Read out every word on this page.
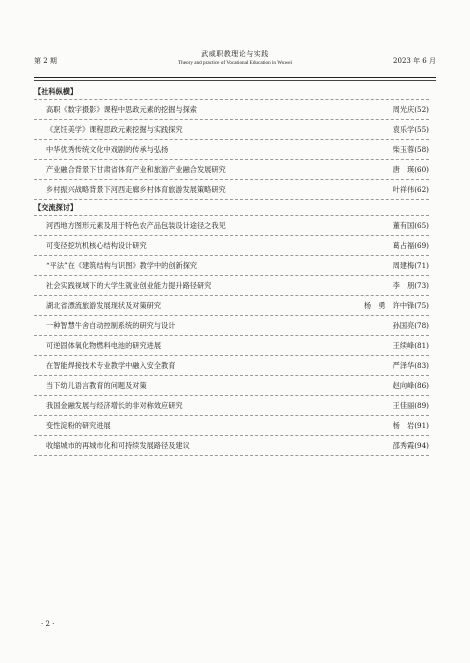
第 2 期
武威职教理论与实践
Theory and practice of Vocational Education in Wuwei	2023 年 6 月
【社科纵横】
高职《数字摄影》课程中思政元素的挖掘与探索	周光庆(52)
《烹饪美学》课程思政元素挖掘与实践探究	袁乐学(55)
中华优秀传统文化中戏剧的传承与弘扬	柴玉蓉(58)
产业融合背景下甘肃省体育产业和旅游产业融合发展研究	唐　瑛(60)
乡村振兴战略背景下河西走廊乡村体育旅游发展策略研究	叶祥伟(62)
【交流探讨】
河西地方图形元素及用于特色农产品包装设计途径之我见	董有国(65)
可变径挖坑机核心结构设计研究	葛占福(69)
“平法”在《建筑结构与识图》教学中的创新探究	周建梅(71)
社会实践视域下的大学生就业创业能力提升路径研究	李　朋(73)
湖北省漂流旅游发展现状及对策研究	杨　勇　许中锋(75)
一种智慧牛舍自动控制系统的研究与设计	孙国亮(78)
可逆固体氧化物燃料电池的研究进展	王续峰(81)
在智能焊接技术专业教学中融入安全教育	严泽华(83)
当下幼儿语言教育的问题及对策	赵向峰(86)
我国金融发展与经济增长的非对称效应研究	王佳丽(89)
变性淀粉的研究进展	杨　岩(91)
收缩城市的再城市化和可持续发展路径及建议	邵秀霞(94)
· 2 ·
